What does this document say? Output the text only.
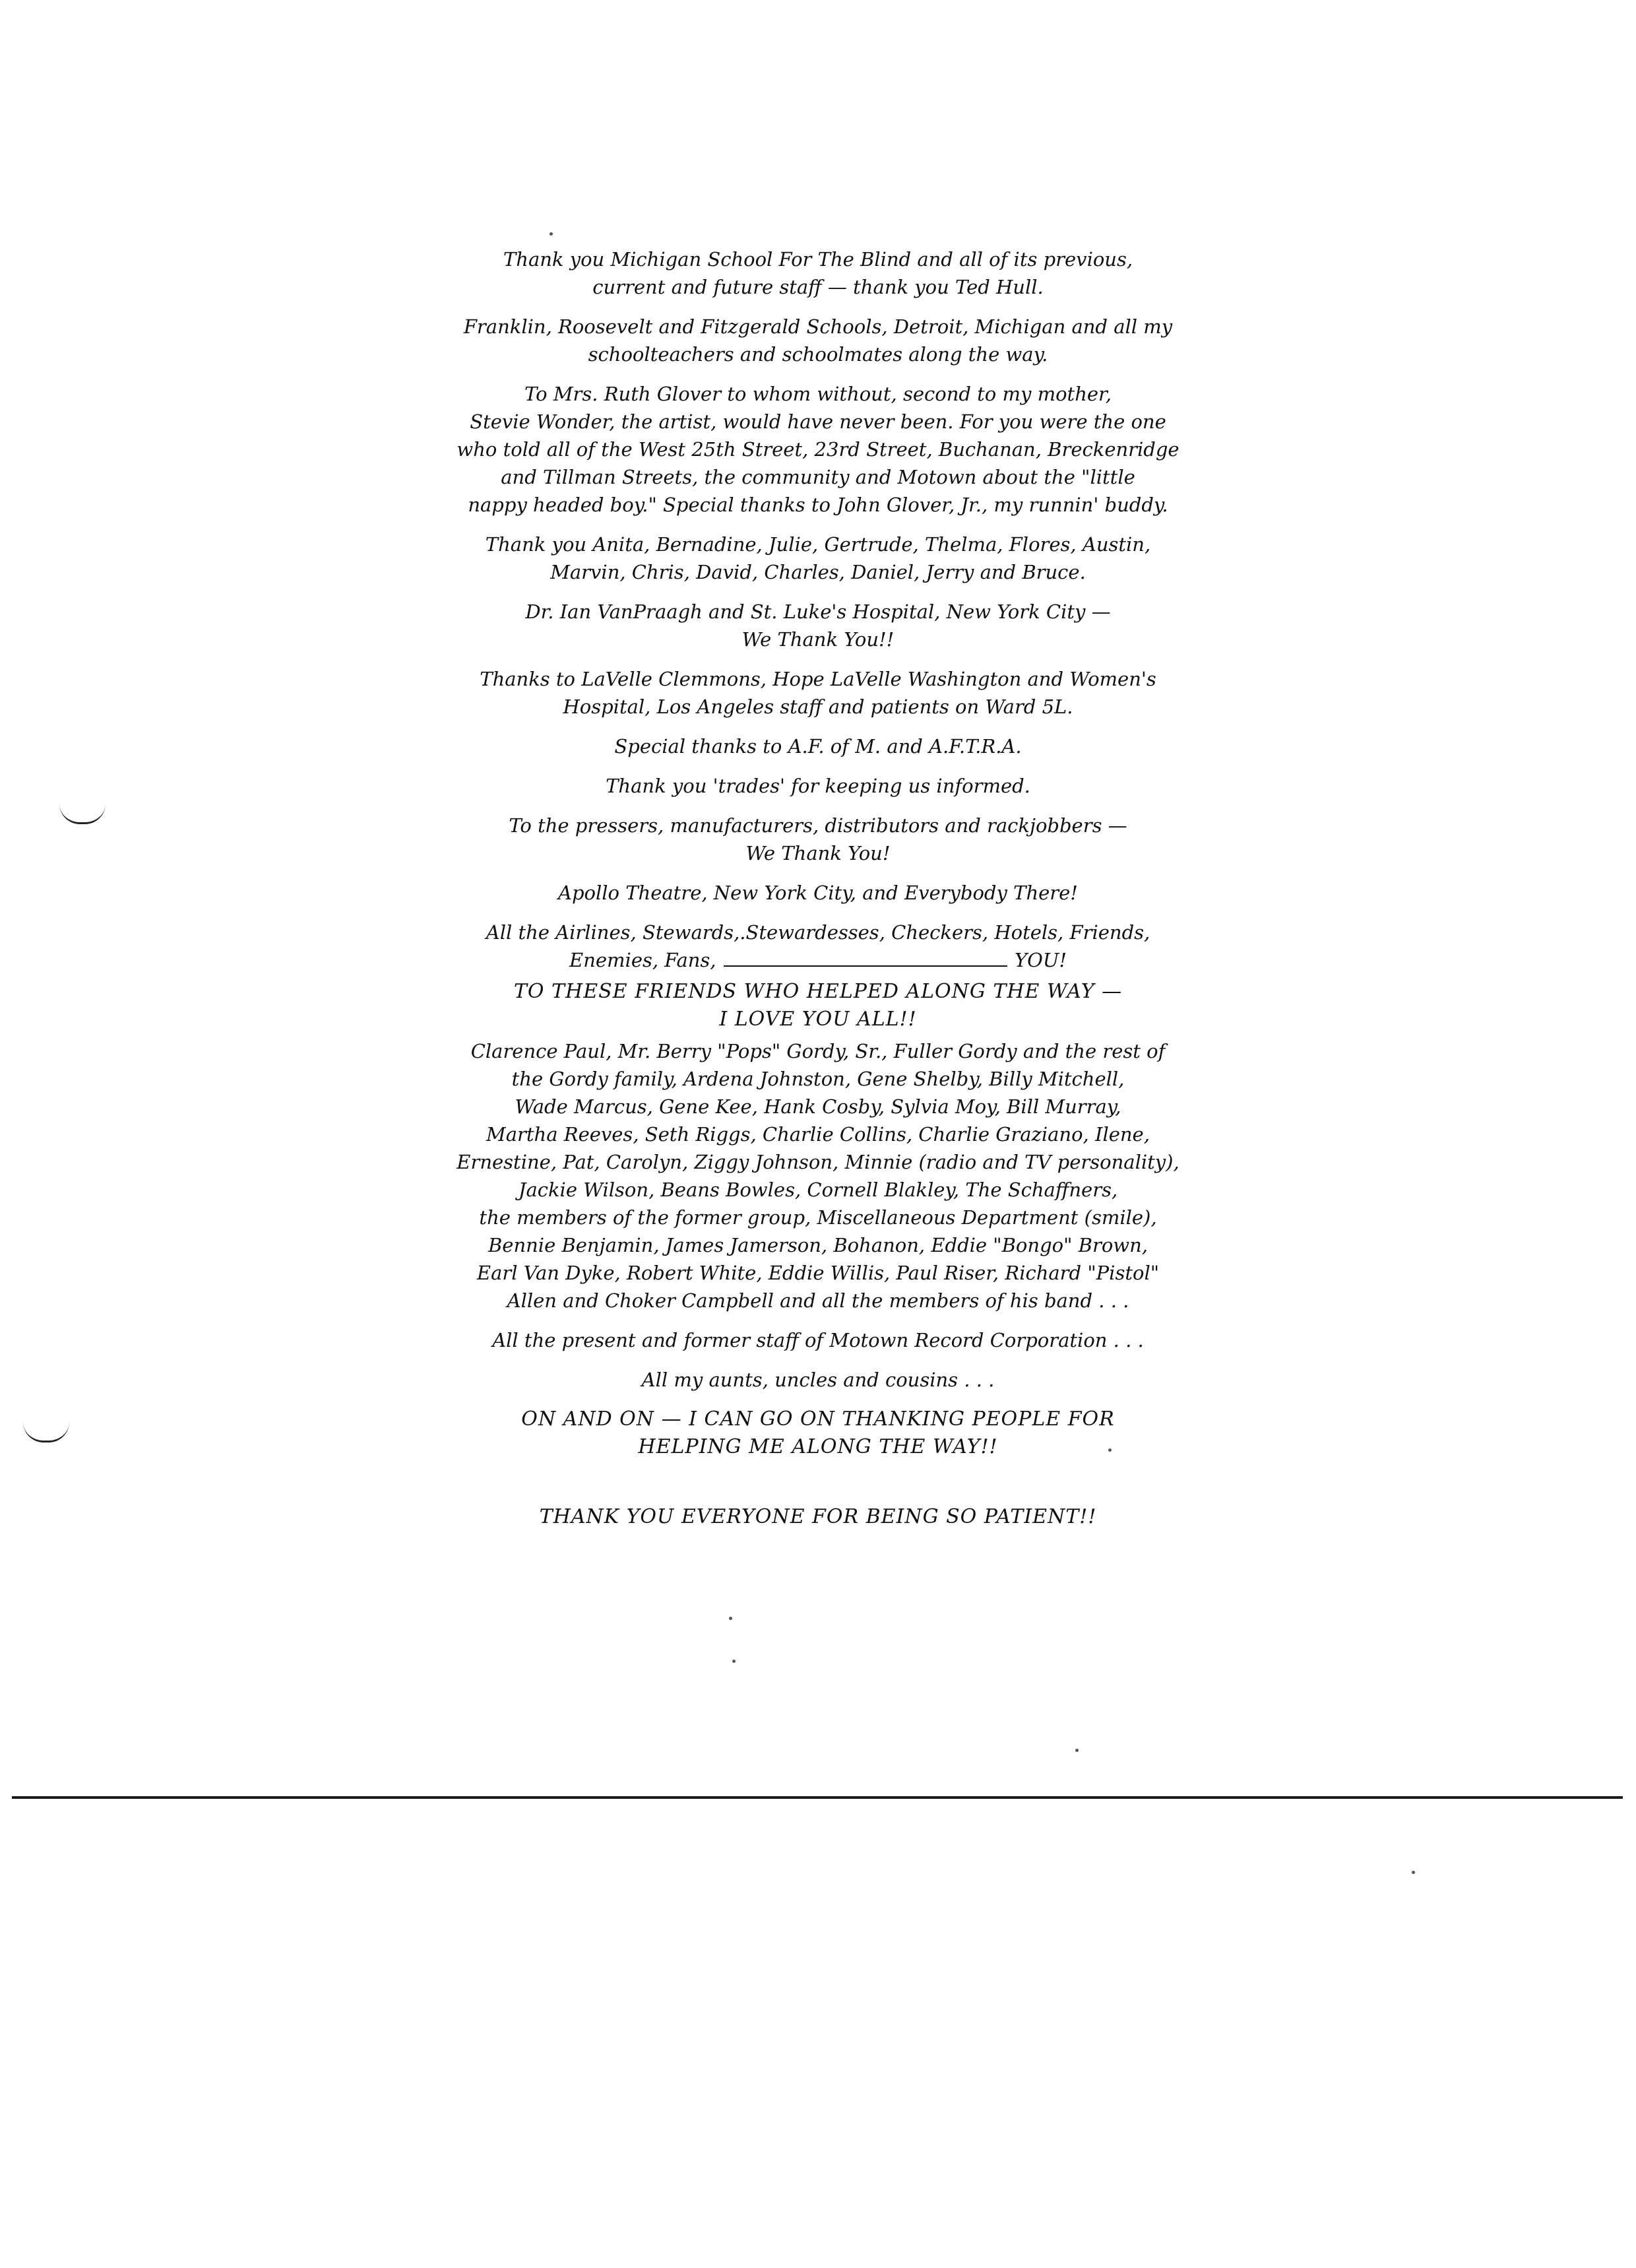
Thank you Michigan School For The Blind and all of its previous,
current and future staff — thank you Ted Hull.
Franklin, Roosevelt and Fitzgerald Schools, Detroit, Michigan and all my
schoolteachers and schoolmates along the way.
To Mrs. Ruth Glover to whom without, second to my mother,
Stevie Wonder, the artist, would have never been. For you were the one
who told all of the West 25th Street, 23rd Street, Buchanan, Breckenridge
and Tillman Streets, the community and Motown about the "little
nappy headed boy." Special thanks to John Glover, Jr., my runnin' buddy.
Thank you Anita, Bernadine, Julie, Gertrude, Thelma, Flores, Austin,
Marvin, Chris, David, Charles, Daniel, Jerry and Bruce.
Dr. Ian VanPraagh and St. Luke's Hospital, New York City —
We Thank You!!
Thanks to LaVelle Clemmons, Hope LaVelle Washington and Women's
Hospital, Los Angeles staff and patients on Ward 5L.
Special thanks to A.F. of M. and A.F.T.R.A.
Thank you 'trades' for keeping us informed.
To the pressers, manufacturers, distributors and rackjobbers —
We Thank You!
Apollo Theatre, New York City, and Everybody There!
All the Airlines, Stewards,.Stewardesses, Checkers, Hotels, Friends,
Enemies, Fans,	YOU!
TO THESE FRIENDS WHO HELPED ALONG THE WAY —
I LOVE YOU ALL!!
Clarence Paul, Mr. Berry "Pops" Gordy, Sr., Fuller Gordy and the rest of
the Gordy family, Ardena Johnston, Gene Shelby, Billy Mitchell,
Wade Marcus, Gene Kee, Hank Cosby, Sylvia Moy, Bill Murray,
Martha Reeves, Seth Riggs, Charlie Collins, Charlie Graziano, Ilene,
Ernestine, Pat, Carolyn, Ziggy Johnson, Minnie (radio and TV personality),
Jackie Wilson, Beans Bowles, Cornell Blakley, The Schaffners,
the members of the former group, Miscellaneous Department (smile),
Bennie Benjamin, James Jamerson, Bohanon, Eddie "Bongo" Brown,
Earl Van Dyke, Robert White, Eddie Willis, Paul Riser, Richard "Pistol"
Allen and Choker Campbell and all the members of his band . . .
All the present and former staff of Motown Record Corporation . . .
All my aunts, uncles and cousins . . .
ON AND ON — I CAN GO ON THANKING PEOPLE FOR
HELPING ME ALONG THE WAY!!
THANK YOU EVERYONE FOR BEING SO PATIENT!!
